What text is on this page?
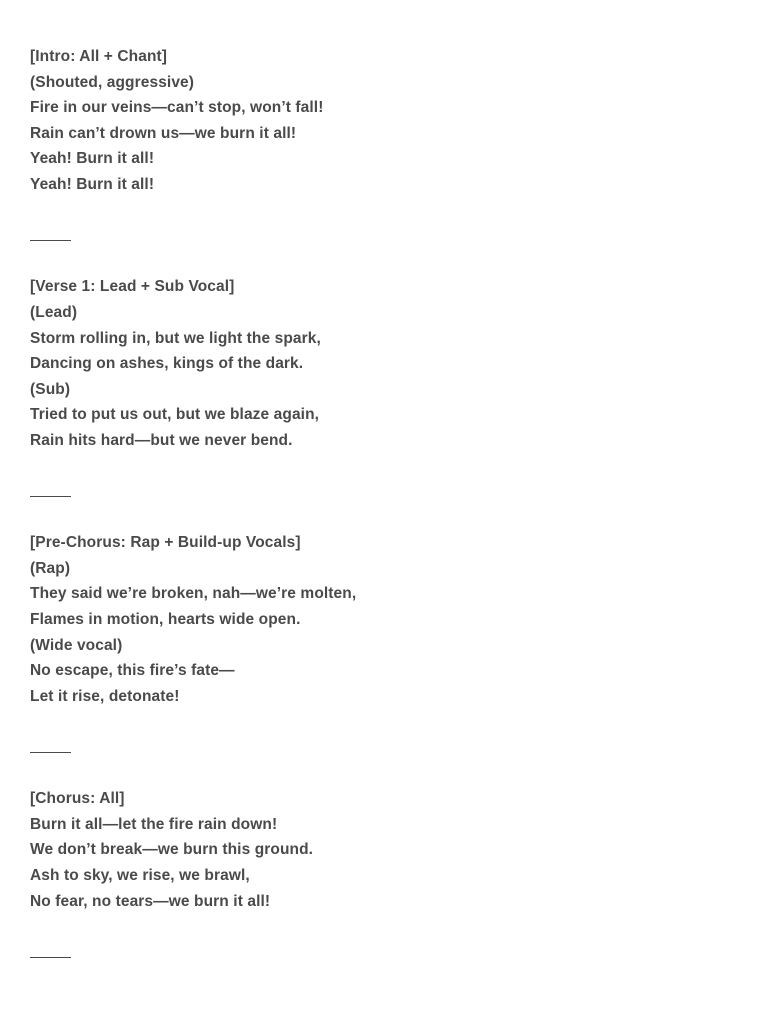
[Intro: All + Chant]
(Shouted, aggressive)
Fire in our veins—can’t stop, won’t fall!
Rain can’t drown us—we burn it all!
Yeah! Burn it all!
Yeah! Burn it all!
[Verse 1: Lead + Sub Vocal]
(Lead)
Storm rolling in, but we light the spark,
Dancing on ashes, kings of the dark.
(Sub)
Tried to put us out, but we blaze again,
Rain hits hard—but we never bend.
[Pre-Chorus: Rap + Build-up Vocals]
(Rap)
They said we’re broken, nah—we’re molten,
Flames in motion, hearts wide open.
(Wide vocal)
No escape, this fire’s fate—
Let it rise, detonate!
[Chorus: All]
Burn it all—let the fire rain down!
We don’t break—we burn this ground.
Ash to sky, we rise, we brawl,
No fear, no tears—we burn it all!
